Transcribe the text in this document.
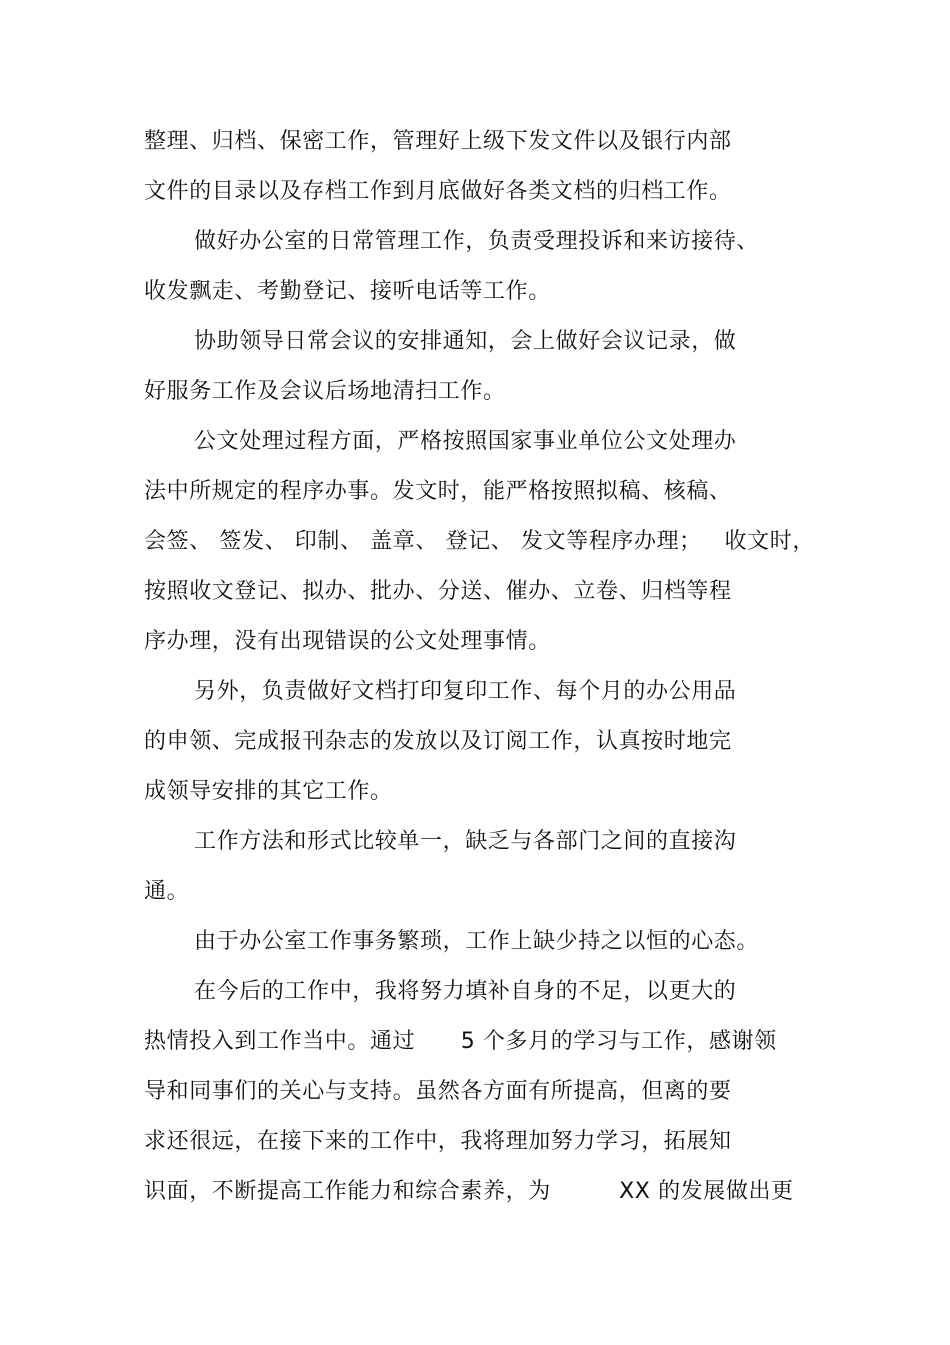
整理、归档、保密工作，管理好上级下发文件以及银行内部
文件的目录以及存档工作到月底做好各类文档的归档工作。
做好办公室的日常管理工作，负责受理投诉和来访接待、
收发飘走、考勤登记、接听电话等工作。
协助领导日常会议的安排通知，会上做好会议记录，做
好服务工作及会议后场地清扫工作。
公文处理过程方面，严格按照国家事业单位公文处理办
法中所规定的程序办事。发文时，能严格按照拟稿、核稿、
会签、 签发、 印制、 盖章、 登记、 发文等程序办理；   收文时，
按照收文登记、拟办、批办、分送、催办、立卷、归档等程
序办理，没有出现错误的公文处理事情。
另外，负责做好文档打印复印工作、每个月的办公用品
的申领、完成报刊杂志的发放以及订阅工作，认真按时地完
成领导安排的其它工作。
工作方法和形式比较单一，缺乏与各部门之间的直接沟
通。
由于办公室工作事务繁琐，工作上缺少持之以恒的心态。
在今后的工作中，我将努力填补自身的不足，以更大的
热情投入到工作当中。通过      5 个多月的学习与工作，感谢领
导和同事们的关心与支持。虽然各方面有所提高，但离的要
求还很远，在接下来的工作中，我将理加努力学习，拓展知
识面，不断提高工作能力和综合素养，为         XX 的发展做出更
